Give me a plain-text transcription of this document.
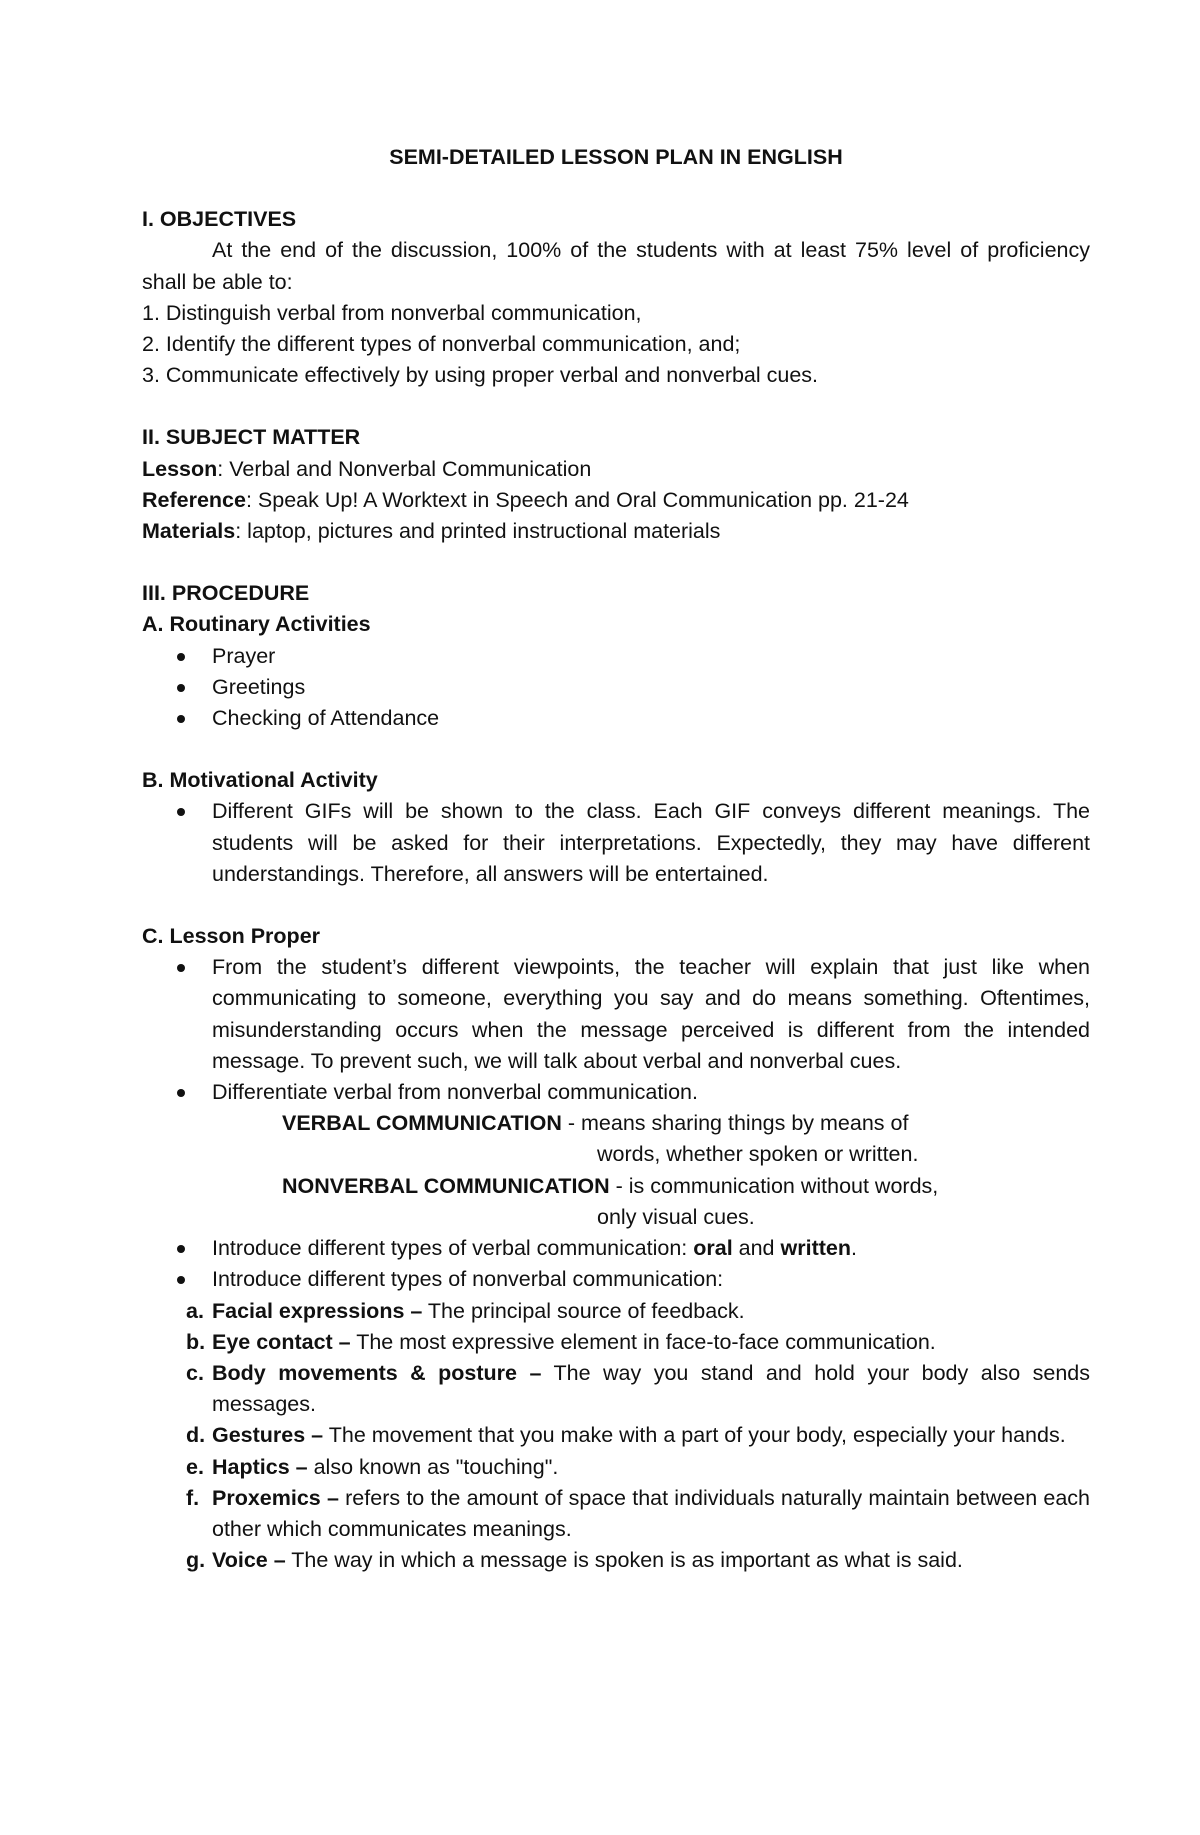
SEMI-DETAILED LESSON PLAN IN ENGLISH

I. OBJECTIVES

At the end of the discussion, 100% of the students with at least 75% level of proficiency shall be able to:

1. Distinguish verbal from nonverbal communication,

2. Identify the different types of nonverbal communication, and;

3. Communicate effectively by using proper verbal and nonverbal cues.

II. SUBJECT MATTER

Lesson: Verbal and Nonverbal Communication

Reference: Speak Up! A Worktext in Speech and Oral Communication pp. 21-24

Materials: laptop, pictures and printed instructional materials

III. PROCEDURE

A. Routinary Activities

Prayer
Greetings
Checking of Attendance

B. Motivational Activity

Different GIFs will be shown to the class. Each GIF conveys different meanings. The students will be asked for their interpretations. Expectedly, they may have different understandings. Therefore, all answers will be entertained.

C. Lesson Proper

From the student’s different viewpoints, the teacher will explain that just like when communicating to someone, everything you say and do means something. Oftentimes, misunderstanding occurs when the message perceived is different from the intended message. To prevent such, we will talk about verbal and nonverbal cues.
Differentiate verbal from nonverbal communication.
VERBAL COMMUNICATION - means sharing things by means of
words, whether spoken or written.
NONVERBAL COMMUNICATION - is communication without words,
only visual cues.
Introduce different types of verbal communication: oral and written.
Introduce different types of nonverbal communication:
a. Facial expressions – The principal source of feedback.
b. Eye contact – The most expressive element in face-to-face communication.
c. Body movements & posture – The way you stand and hold your body also sends messages.
d. Gestures – The movement that you make with a part of your body, especially your hands.
e. Haptics – also known as "touching".
f. Proxemics – refers to the amount of space that individuals naturally maintain between each other which communicates meanings.
g. Voice – The way in which a message is spoken is as important as what is said.
